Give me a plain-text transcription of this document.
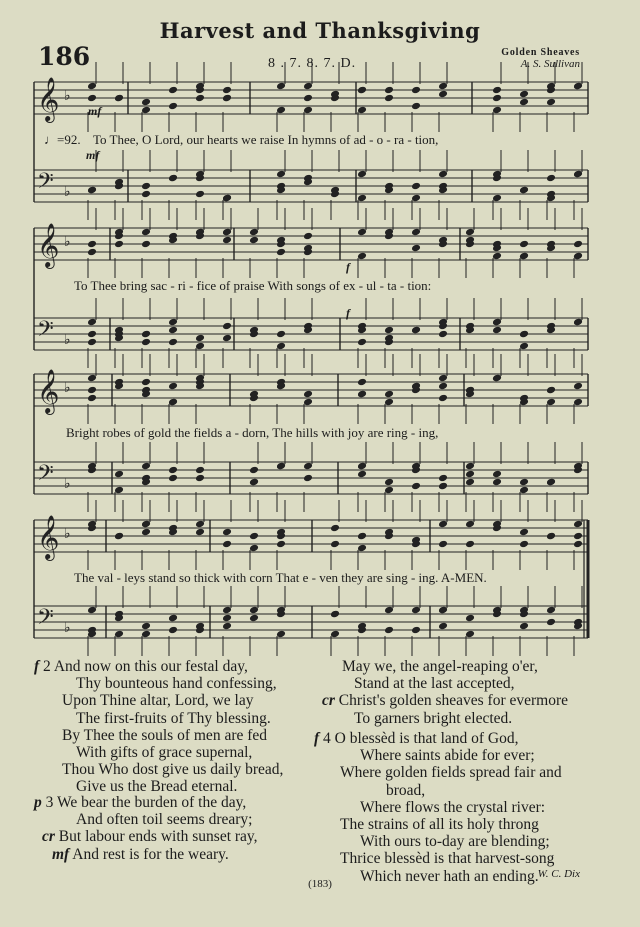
Harvest and Thanksgiving
186	8 . 7. 8. 7. D.
Golden Sheaves
A. S. Sullivan
𝄞 ♭
𝄢 ♭
𝄞 ♭
𝄢 ♭
𝄞 ♭
𝄢 ♭
𝄞 ♭
𝄢 ♭
mf
♩=92.
mf
f
f
To Thee, O Lord, our hearts we raise In hymns of ad - o - ra - tion,
To Thee bring sac - ri - fice of praise With songs of ex - ul - ta - tion:
Bright robes of gold the fields a - dorn, The hills with joy are ring - ing,
The val - leys stand so thick with corn That e - ven they are sing - ing. A-MEN.
f 2 And now on this our festal day,
Thy bounteous hand confessing,
Upon Thine altar, Lord, we lay
The first-fruits of Thy blessing.
By Thee the souls of men are fed
With gifts of grace supernal,
Thou Who dost give us daily bread,
Give us the Bread eternal.
p 3 We bear the burden of the day,
And often toil seems dreary;
cr But labour ends with sunset ray,
mf And rest is for the weary.
May we, the angel-reaping o'er,
Stand at the last accepted,
cr Christ's golden sheaves for evermore
To garners bright elected.
f 4 O blessèd is that land of God,
Where saints abide for ever;
Where golden fields spread fair and
broad,
Where flows the crystal river:
The strains of all its holy throng
With ours to-day are blending;
Thrice blessèd is that harvest-song
Which never hath an ending. W. C. Dix
(183)
